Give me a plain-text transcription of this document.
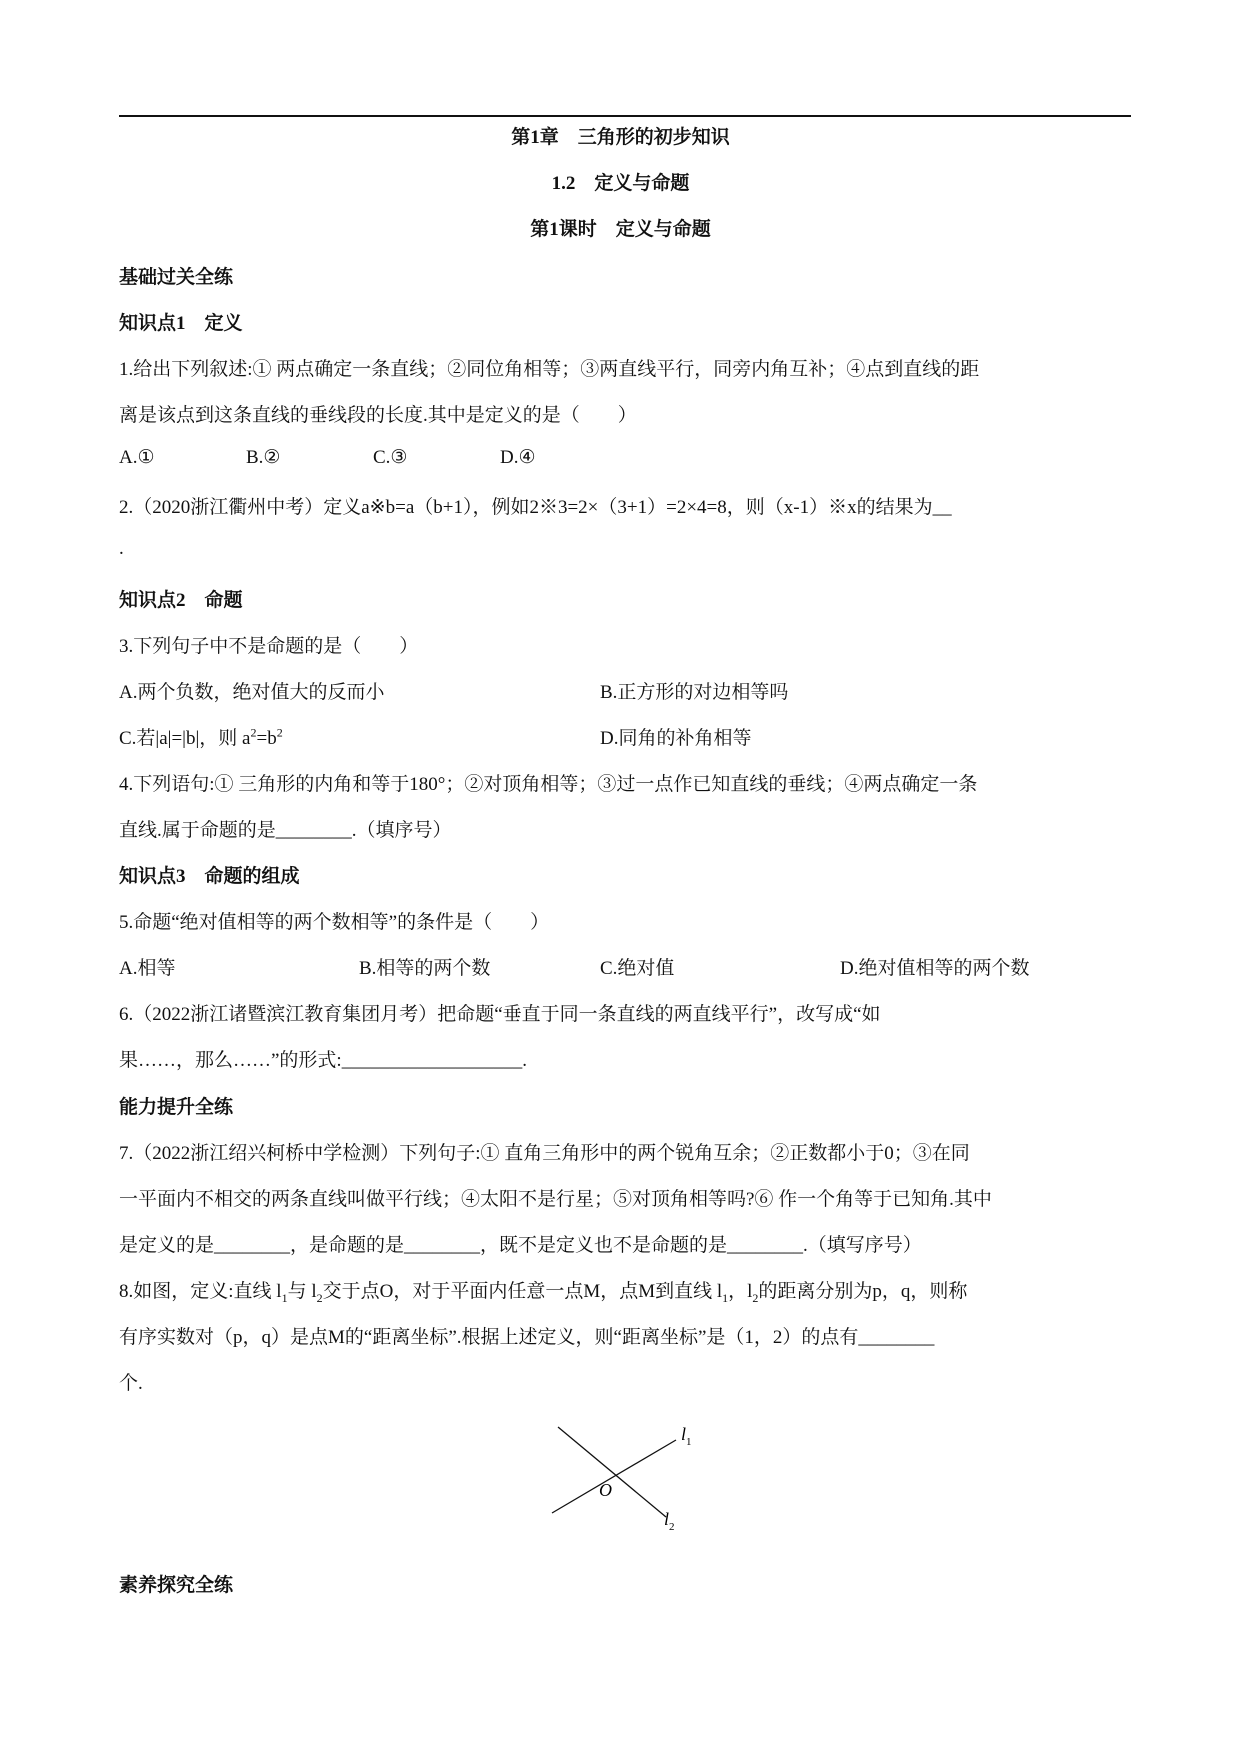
第1章　三角形的初步知识
1.2　定义与命题
第1课时　定义与命题
基础过关全练
知识点1　定义
1.给出下列叙述:① 两点确定一条直线；②同位角相等；③两直线平行，同旁内角互补；④点到直线的距
离是该点到这条直线的垂线段的长度.其中是定义的是（　　）
A.①	B.②	C.③	D.④
2.（2020浙江衢州中考）定义a※b=a（b+1），例如2※3=2×（3+1）=2×4=8，则（x-1）※x的结果为__
.
知识点2　命题
3.下列句子中不是命题的是（　　）
A.两个负数，绝对值大的反而小	B.正方形的对边相等吗
C.若|a|=|b|，则 $a^2=b^2$	D.同角的补角相等
4.下列语句:① 三角形的内角和等于180°；②对顶角相等；③过一点作已知直线的垂线；④两点确定一条
直线.属于命题的是________.（填序号）
知识点3　命题的组成
5.命题“绝对值相等的两个数相等”的条件是（　　）
A.相等	B.相等的两个数	C.绝对值	D.绝对值相等的两个数
6.（2022浙江诸暨滨江教育集团月考）把命题“垂直于同一条直线的两直线平行”，改写成“如
果……，那么……”的形式:___________________.
能力提升全练
7.（2022浙江绍兴柯桥中学检测）下列句子:① 直角三角形中的两个锐角互余；②正数都小于0；③在同
一平面内不相交的两条直线叫做平行线；④太阳不是行星；⑤对顶角相等吗?⑥ 作一个角等于已知角.其中
是定义的是________，是命题的是________，既不是定义也不是命题的是________.（填写序号）
8.如图，定义:直线 $l_1$与 $l_2$交于点O，对于平面内任意一点M，点M到直线 $l_1$，$l_2$的距离分别为p，q，则称
有序实数对（p，q）是点M的“距离坐标”.根据上述定义，则“距离坐标”是（1，2）的点有________
个.
O
$l_1$
$l_2$
素养探究全练
